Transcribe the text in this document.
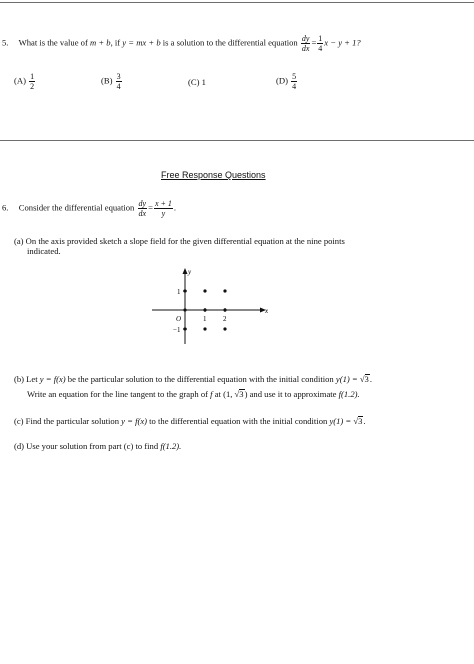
5. What is the value of m + b, if y = mx + b is a solution to the differential equation $\frac{dy}{dx} = \frac{1}{4}$ x − y + 1?
$(A) \frac{1}{2}$	$(B) \frac{3}{4}$	(C) 1	$(D) \frac{5}{4}$
Free Response Questions
6. Consider the differential equation $\frac{dy}{dx} = \frac{x + 1}{y}$ .
(a) On the axis provided sketch a slope field for the given differential equation at the nine points
indicated.
x
y
O	1 2
1
−1
(b) Let y = f(x) be the particular solution to the differential equation with the initial condition y(1) = √3.
Write an equation for the line tangent to the graph of f at (1, √3) and use it to approximate f(1.2).
(c) Find the particular solution y = f(x) to the differential equation with the initial condition y(1) = √3.
(d) Use your solution from part (c) to find f(1.2).
